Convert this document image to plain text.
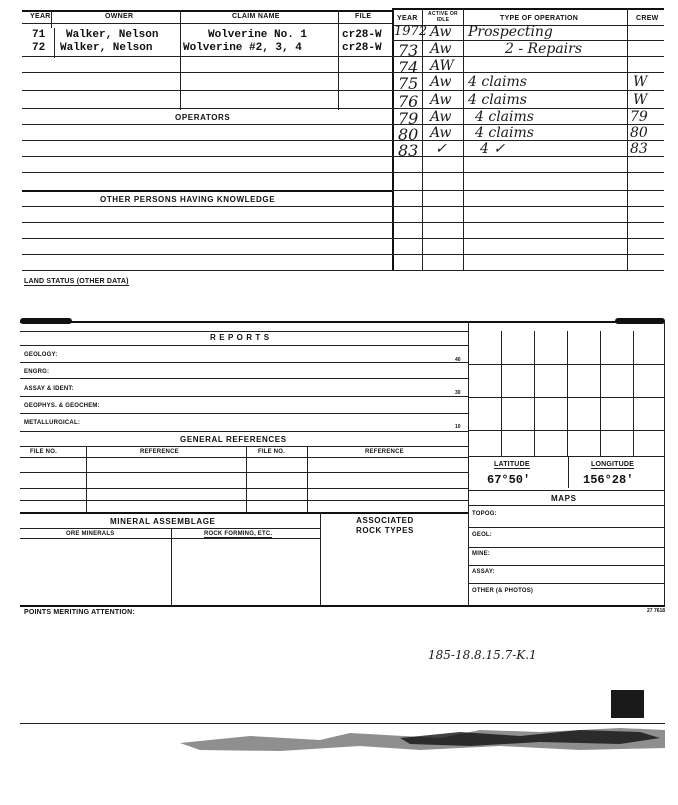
YEAR	OWNER	CLAIM NAME	FILE
71 Walker, Nelson	Wolverine No. 1	cr28-W
72 Walker, Nelson	Wolverine #2, 3, 4	cr28-W
OPERATORS
OTHER PERSONS HAVING KNOWLEDGE
YEAR
ACTIVE OR IDLE	TYPE OF OPERATION	CREW
1972 Aw Prospecting
73 Aw	2 - Repairs
74 AW
75 Aw 4 claims	W
76 Aw 4 claims	W
79 Aw 4 claims	79
80 Aw 4 claims	80
83 ✓ 4 ✓	83
LAND STATUS (OTHER DATA)
R E P O R T S
GEOLOGY:
40
ENGRG:
ASSAY & IDENT:
30
GEOPHYS. & GEOCHEM:
METALLURGICAL:
10
GENERAL REFERENCES
FILE NO.	REFERENCE	FILE NO.	REFERENCE
LATITUDE	LONGITUDE
67°50'	156°28'
MAPS
TOPOG:
GEOL:
MINE:
ASSAY:
OTHER (& PHOTOS)
MINERAL ASSEMBLAGE
ORE MINERALS	ROCK FORMING, ETC.
ASSOCIATED ROCK TYPES
POINTS MERITING ATTENTION:	27 7618
185-18.8.15.7-K.1
